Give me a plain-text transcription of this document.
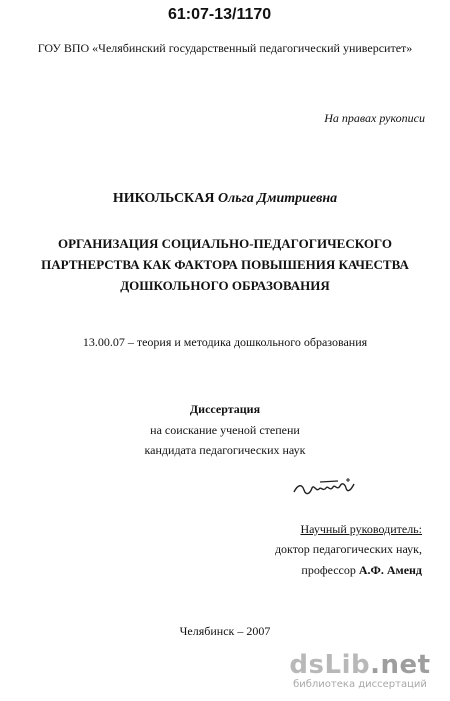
61:07-13/1170
ГОУ ВПО «Челябинский государственный педагогический университет»
На правах рукописи
НИКОЛЬСКАЯ Ольга Дмитриевна
ОРГАНИЗАЦИЯ СОЦИАЛЬНО-ПЕДАГОГИЧЕСКОГО
ПАРТНЕРСТВА КАК ФАКТОРА ПОВЫШЕНИЯ КАЧЕСТВА
ДОШКОЛЬНОГО ОБРАЗОВАНИЯ
13.00.07 – теория и методика дошкольного образования
Диссертация
на соискание ученой степени
кандидата педагогических наук
Научный руководитель:
доктор педагогических наук,
профессор А.Ф. Аменд
Челябинск – 2007
dsLib.net
библиотека диссертаций
